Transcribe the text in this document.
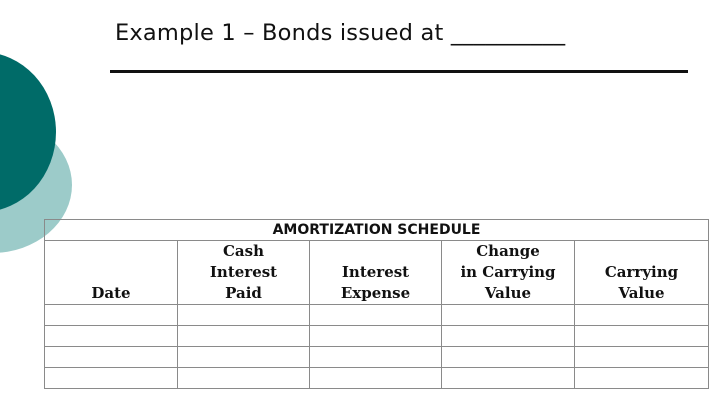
Example 1 – Bonds issued at __________
AMORTIZATION SCHEDULE				
	Cash		Change	
	Interest	Interest	in Carrying	Carrying
Date	Paid	Expense	Value	Value
